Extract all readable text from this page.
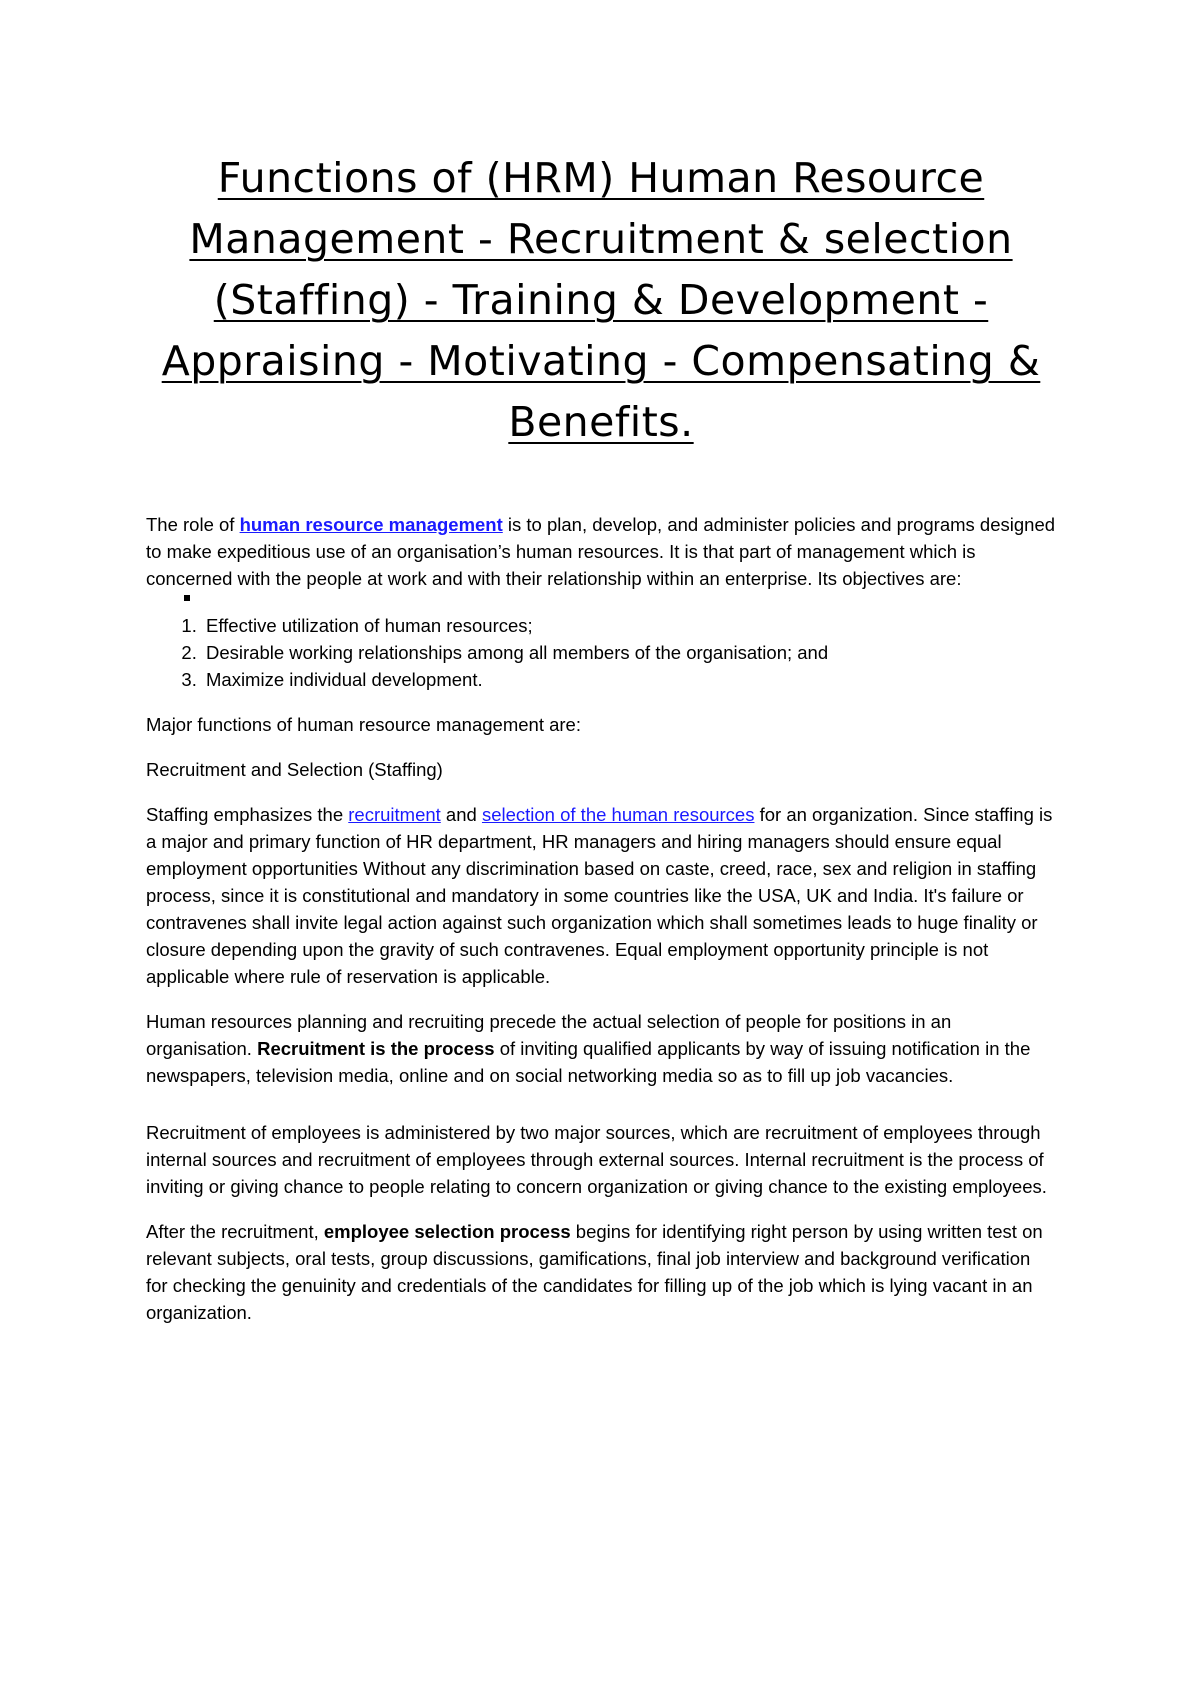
Functions of (HRM) Human Resource Management - Recruitment & selection (Staffing) - Training & Development - Appraising - Motivating - Compensating & Benefits.

The role of human resource management is to plan, develop, and administer policies and programs designed to make expeditious use of an organisation’s human resources. It is that part of management which is concerned with the people at work and with their relationship within an enterprise. Its objectives are:

1. Effective utilization of human resources;
2. Desirable working relationships among all members of the organisation; and
3. Maximize individual development.

Major functions of human resource management are:

Recruitment and Selection (Staffing)

Staffing emphasizes the recruitment and selection of the human resources for an organization. Since staffing is a major and primary function of HR department, HR managers and hiring managers should ensure equal employment opportunities Without any discrimination based on caste, creed, race, sex and religion in staffing process, since it is constitutional and mandatory in some countries like the USA, UK and India. It's failure or contravenes shall invite legal action against such organization which shall sometimes leads to huge finality or closure depending upon the gravity of such contravenes. Equal employment opportunity principle is not applicable where rule of reservation is applicable.

Human resources planning and recruiting precede the actual selection of people for positions in an organisation. Recruitment is the process of inviting qualified applicants by way of issuing notification in the newspapers, television media, online and on social networking media so as to fill up job vacancies.

Recruitment of employees is administered by two major sources, which are recruitment of employees through internal sources and recruitment of employees through external sources. Internal recruitment is the process of inviting or giving chance to people relating to concern organization or giving chance to the existing employees.

After the recruitment, employee selection process begins for identifying right person by using written test on relevant subjects, oral tests, group discussions, gamifications, final job interview and background verification for checking the genuinity and credentials of the candidates for filling up of the job which is lying vacant in an organization.
